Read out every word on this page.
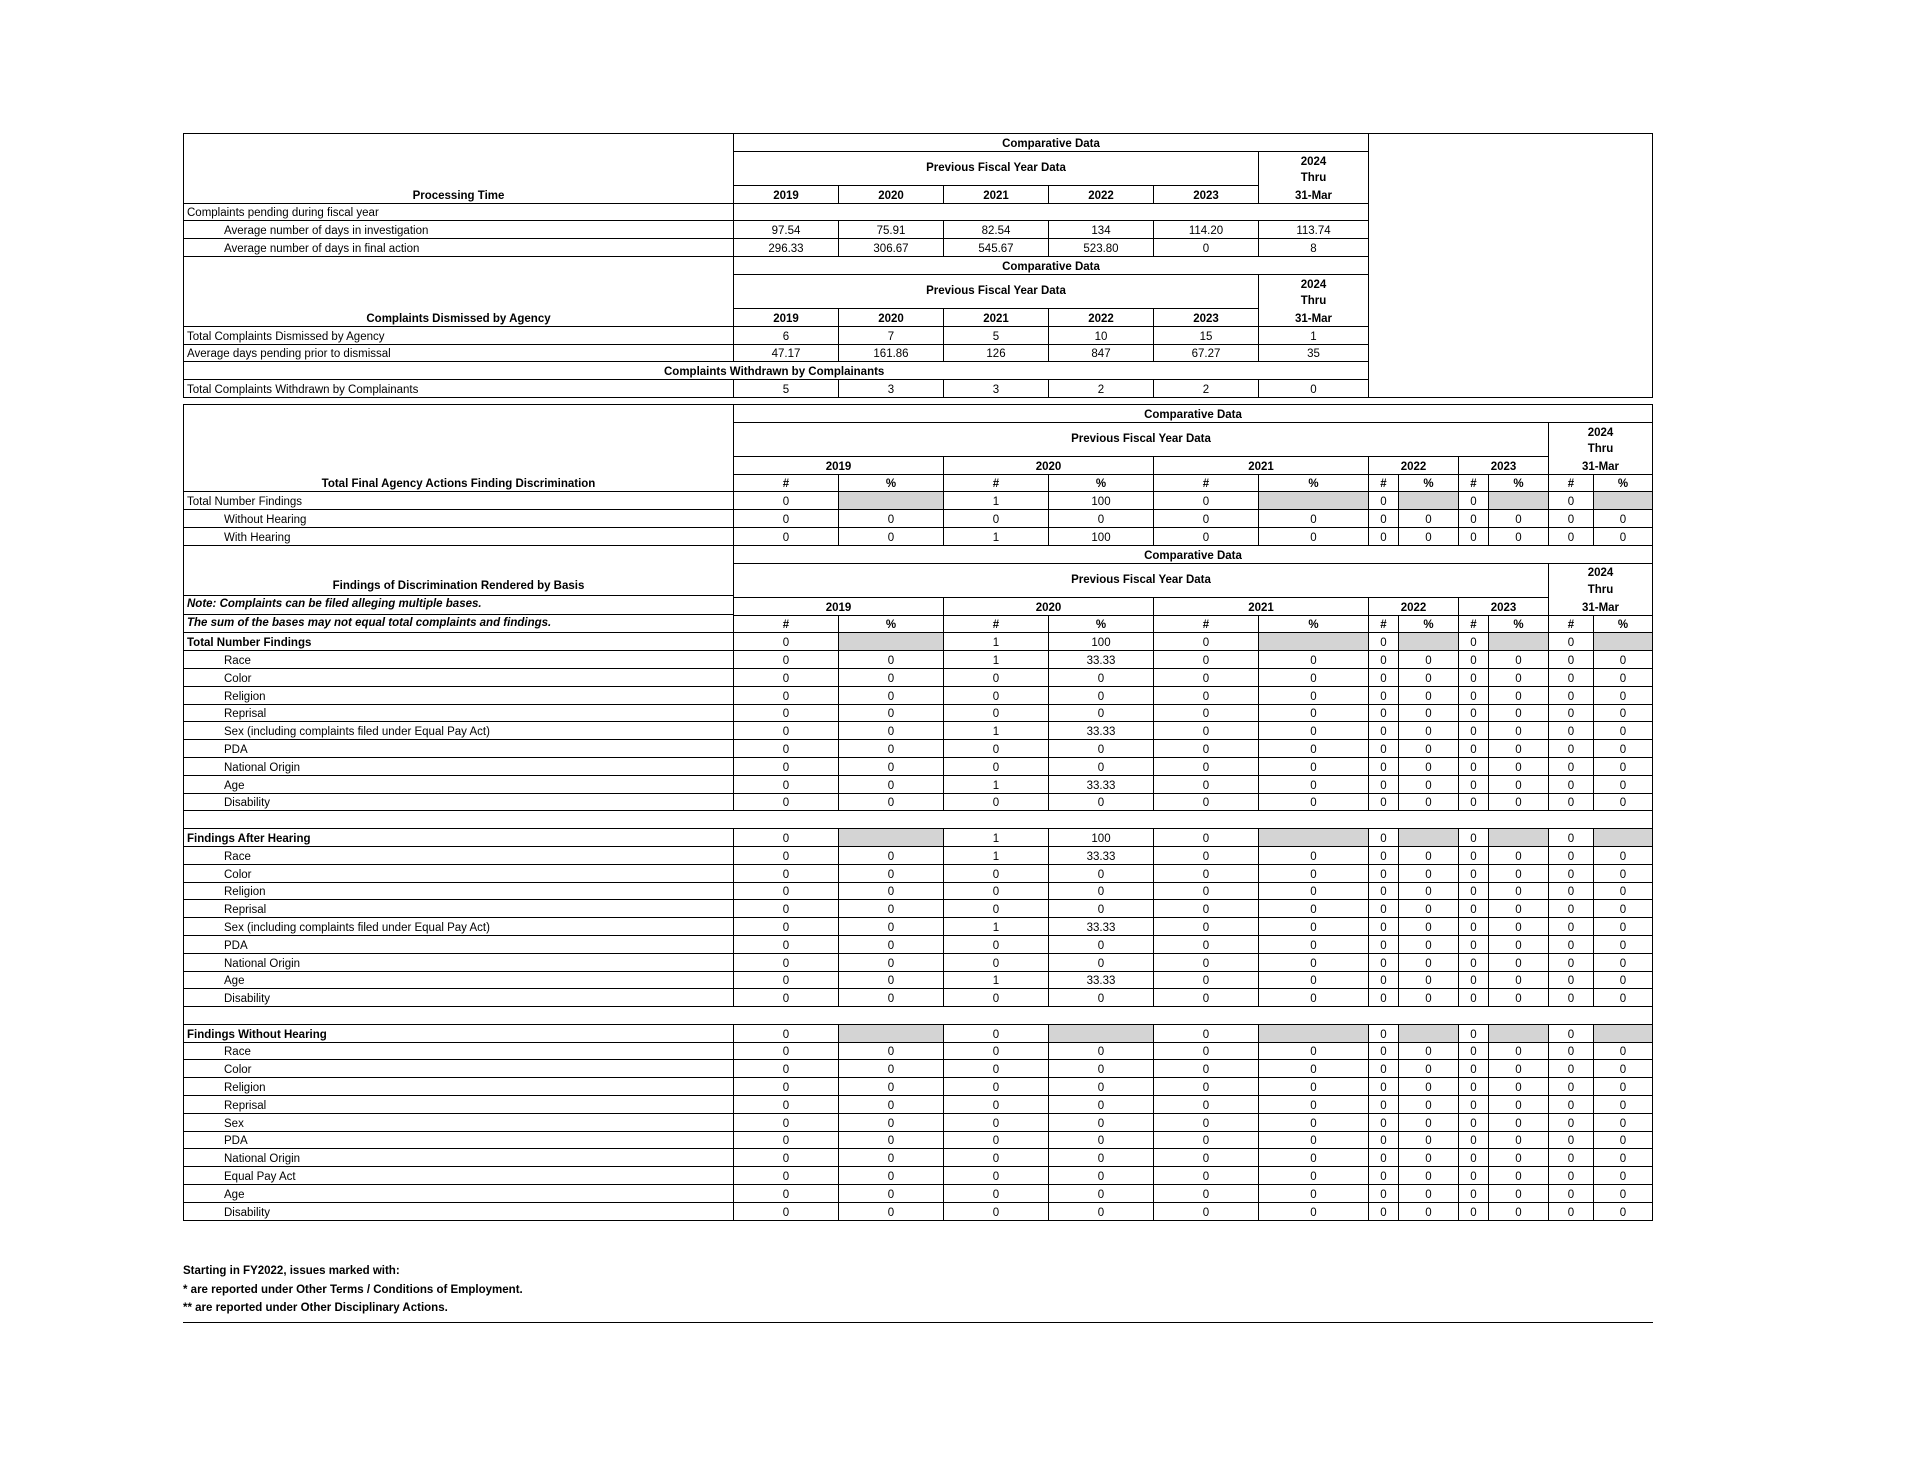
Processing Time	Comparative Data						
	Previous Fiscal Year Data					2024	
						Thru	
	2019	2020	2021	2022	2023	31-Mar	
Complaints pending during fiscal year							
Average number of days in investigation	97.54	75.91	82.54	134	114.20	113.74	
Average number of days in final action	296.33	306.67	545.67	523.80	0	8	
Complaints Dismissed by Agency	Comparative Data						
	Previous Fiscal Year Data					2024	
						Thru	
	2019	2020	2021	2022	2023	31-Mar	
Total Complaints Dismissed by Agency	6	7	5	10	15	1	
Average days pending prior to dismissal	47.17	161.86	126	847	67.27	35	
Complaints Withdrawn by Complainants							
Total Complaints Withdrawn by Complainants	5	3	3	2	2	0	
Total Final Agency Actions Finding Discrimination	Comparative Data											
	Previous Fiscal Year Data										2024	
											Thru	
	2019		2020		2021		2022		2023		31-Mar	
	#	%	#	%	#	%	#	%	#	%	#	%
Total Number Findings	0		1	100	0		0		0		0	
Without Hearing	0	0	0	0	0	0	0	0	0	0	0	0
With Hearing	0	0	1	100	0	0	0	0	0	0	0	0

Findings of Discrimination Rendered by Basis
Note: Complaints can be filed alleging multiple bases.
The sum of the bases may not equal total complaints and findings.	Comparative Data											
	Previous Fiscal Year Data										2024	
											Thru	
	2019		2020		2021		2022		2023		31-Mar	
	#	%	#	%	#	%	#	%	#	%	#	%
Total Number Findings	0		1	100	0		0		0		0	
Race	0	0	1	33.33	0	0	0	0	0	0	0	0
Color	0	0	0	0	0	0	0	0	0	0	0	0
Religion	0	0	0	0	0	0	0	0	0	0	0	0
Reprisal	0	0	0	0	0	0	0	0	0	0	0	0
Sex (including complaints filed under Equal Pay Act)	0	0	1	33.33	0	0	0	0	0	0	0	0
PDA	0	0	0	0	0	0	0	0	0	0	0	0
National Origin	0	0	0	0	0	0	0	0	0	0	0	0
Age	0	0	1	33.33	0	0	0	0	0	0	0	0
Disability	0	0	0	0	0	0	0	0	0	0	0	0

Findings After Hearing	0		1	100	0		0		0		0	
Race	0	0	1	33.33	0	0	0	0	0	0	0	0
Color	0	0	0	0	0	0	0	0	0	0	0	0
Religion	0	0	0	0	0	0	0	0	0	0	0	0
Reprisal	0	0	0	0	0	0	0	0	0	0	0	0
Sex (including complaints filed under Equal Pay Act)	0	0	1	33.33	0	0	0	0	0	0	0	0
PDA	0	0	0	0	0	0	0	0	0	0	0	0
National Origin	0	0	0	0	0	0	0	0	0	0	0	0
Age	0	0	1	33.33	0	0	0	0	0	0	0	0
Disability	0	0	0	0	0	0	0	0	0	0	0	0

Findings Without Hearing	0		0		0		0		0		0	
Race	0	0	0	0	0	0	0	0	0	0	0	0
Color	0	0	0	0	0	0	0	0	0	0	0	0
Religion	0	0	0	0	0	0	0	0	0	0	0	0
Reprisal	0	0	0	0	0	0	0	0	0	0	0	0
Sex	0	0	0	0	0	0	0	0	0	0	0	0
PDA	0	0	0	0	0	0	0	0	0	0	0	0
National Origin	0	0	0	0	0	0	0	0	0	0	0	0
Equal Pay Act	0	0	0	0	0	0	0	0	0	0	0	0
Age	0	0	0	0	0	0	0	0	0	0	0	0
Disability	0	0	0	0	0	0	0	0	0	0	0	0
Starting in FY2022, issues marked with:
* are reported under Other Terms / Conditions of Employment.
** are reported under Other Disciplinary Actions.
